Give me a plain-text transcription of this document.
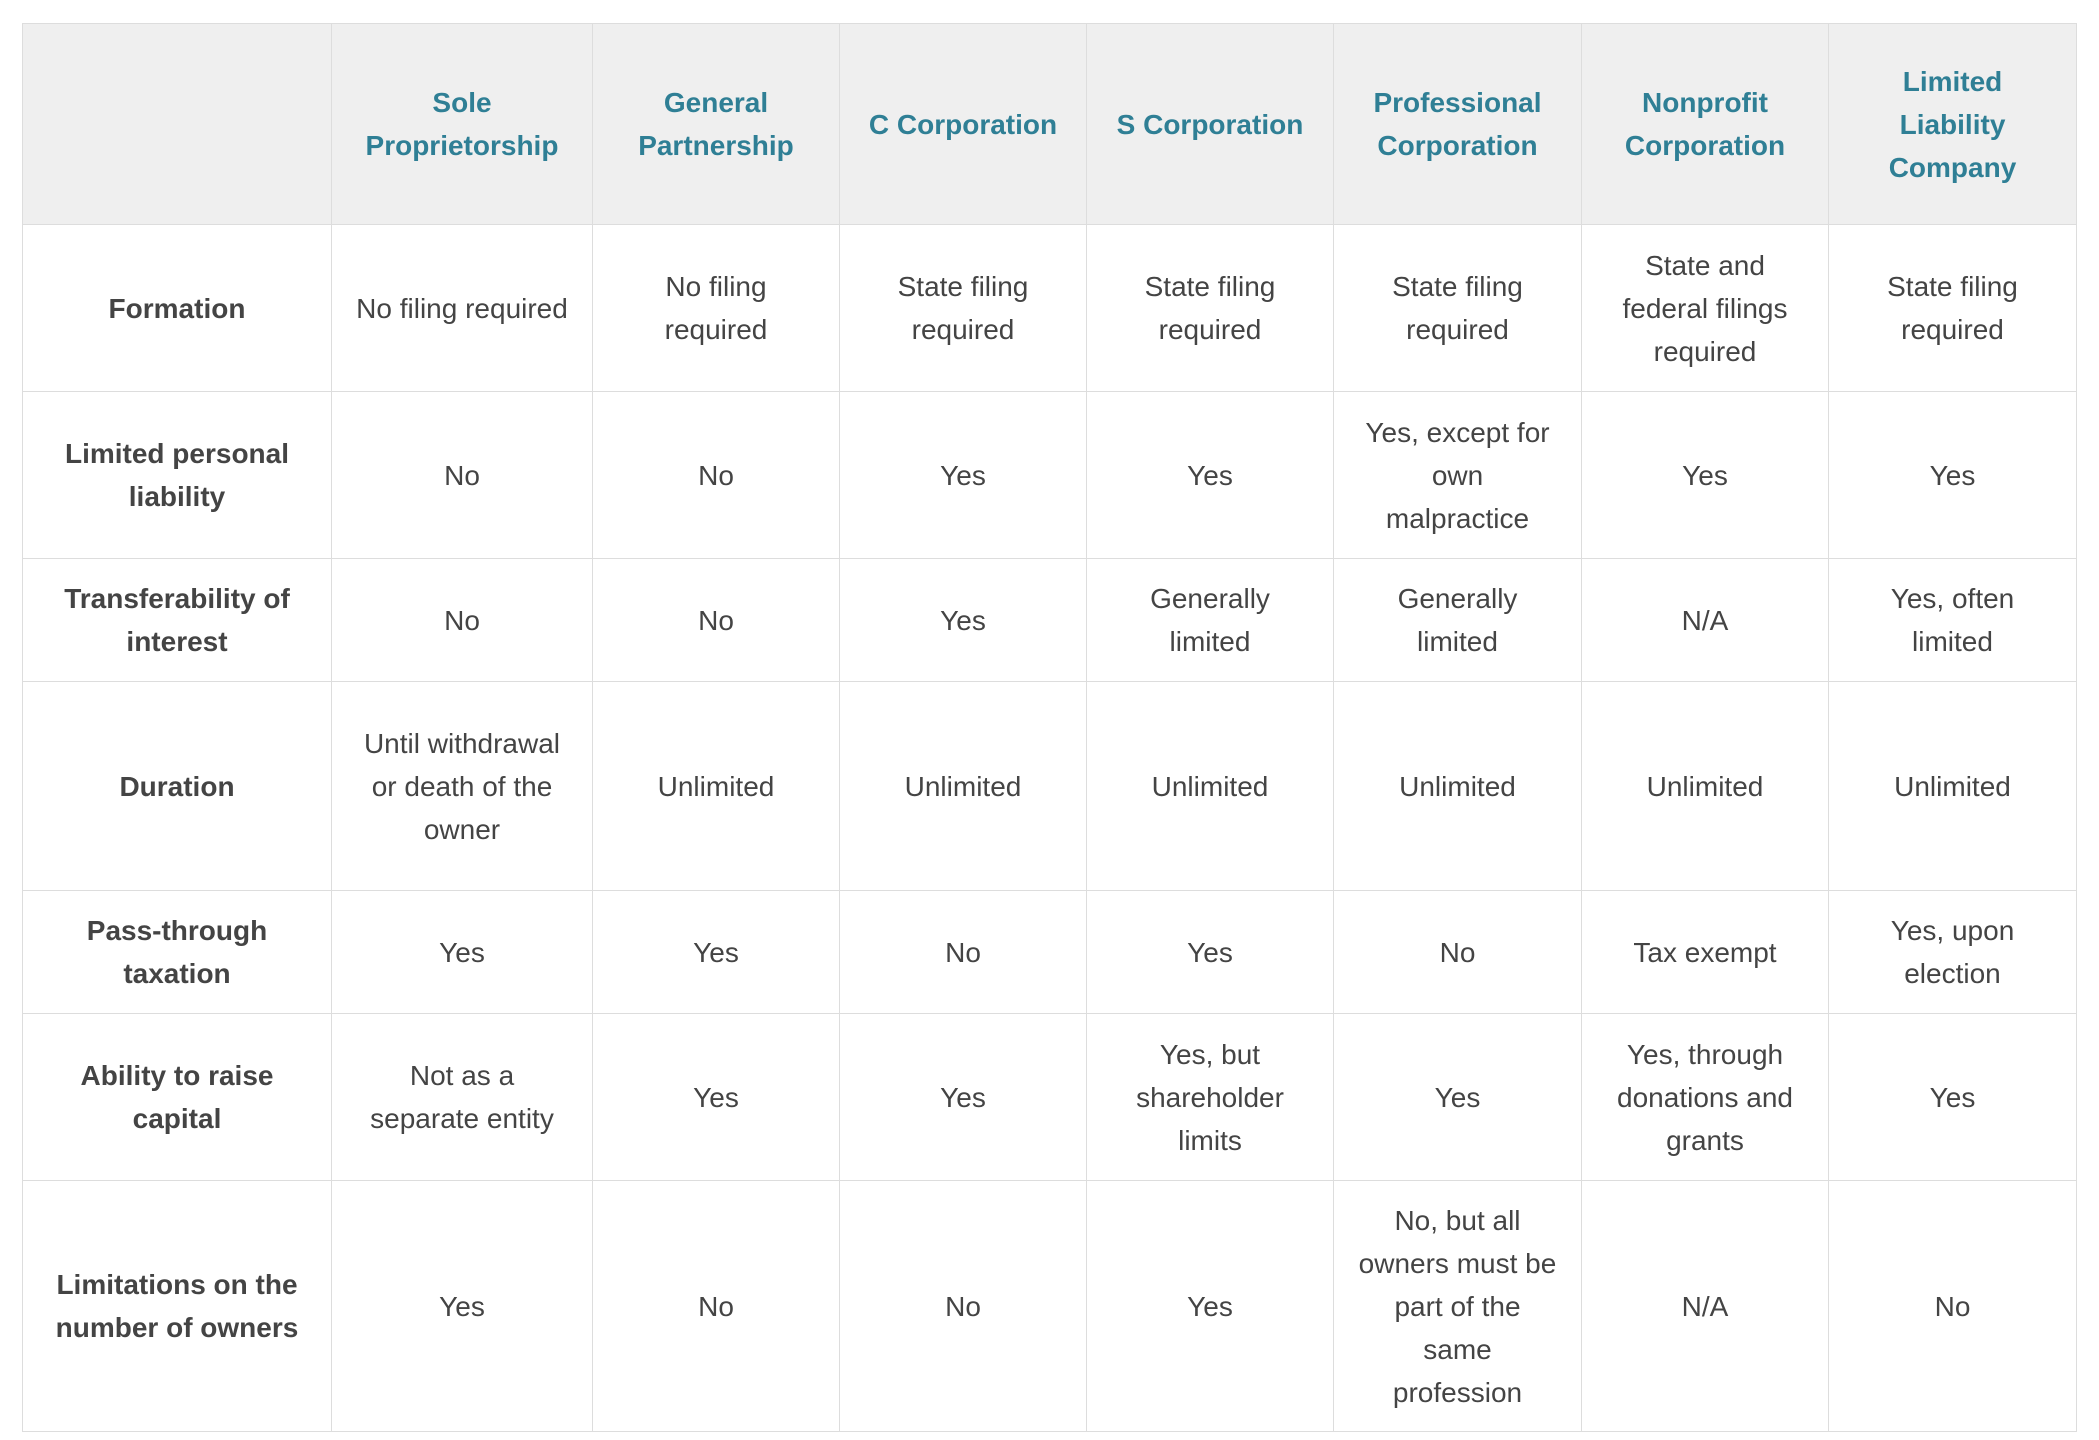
	Sole Proprietorship	General Partnership	C Corporation	S Corporation	Professional Corporation	Nonprofit Corporation	Limited Liability Company
Formation	No filing required	No filing required	State filing required	State filing required	State filing required	State and federal filings required	State filing required
Limited personal liability	No	No	Yes	Yes	Yes, except for own malpractice	Yes	Yes
Transferability of interest	No	No	Yes	Generally limited	Generally limited	N/A	Yes, often limited
Duration	Until withdrawal or death of the owner	Unlimited	Unlimited	Unlimited	Unlimited	Unlimited	Unlimited
Pass-through taxation	Yes	Yes	No	Yes	No	Tax exempt	Yes, upon election
Ability to raise capital	Not as a separate entity	Yes	Yes	Yes, but shareholder limits	Yes	Yes, through donations and grants	Yes
Limitations on the number of owners	Yes	No	No	Yes	No, but all owners must be part of the same profession	N/A	No
